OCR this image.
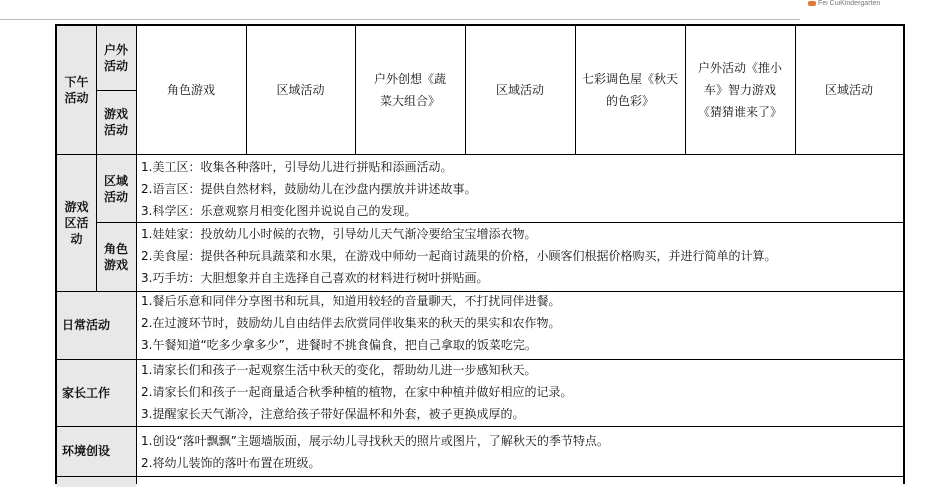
Fei CuiKindergarten
下午活动
户外活动
游戏活动
游戏区活动
区域活动
角色游戏
日常活动
家长工作
环境创设
角色游戏	区域活动
户外创想《蔬菜大组合》
区域活动
七彩调色屋《秋天的色彩》
户外活动《推小车》智力游戏《猜猜谁来了》
区域活动
1.美工区：收集各种落叶，引导幼儿进行拼贴和添画活动。
2.语言区：提供自然材料，鼓励幼儿在沙盘内摆放并讲述故事。
3.科学区：乐意观察月相变化图并说说自己的发现。
1.娃娃家：投放幼儿小时候的衣物，引导幼儿天气渐冷要给宝宝增添衣物。
2.美食屋：提供各种玩具蔬菜和水果，在游戏中师幼一起商讨蔬果的价格，小顾客们根据价格购买，并进行简单的计算。
3.巧手坊：大胆想象并自主选择自己喜欢的材料进行树叶拼贴画。
1.餐后乐意和同伴分享图书和玩具，知道用较轻的音量聊天，不打扰同伴进餐。
2.在过渡环节时，鼓励幼儿自由结伴去欣赏同伴收集来的秋天的果实和农作物。
3.午餐知道“吃多少拿多少”，进餐时不挑食偏食，把自己拿取的饭菜吃完。
1.请家长们和孩子一起观察生活中秋天的变化，帮助幼儿进一步感知秋天。
2.请家长们和孩子一起商量适合秋季种植的植物，在家中种植并做好相应的记录。
3.提醒家长天气渐冷，注意给孩子带好保温杯和外套，被子更换成厚的。
1.创设“落叶飘飘”主题墙版面，展示幼儿寻找秋天的照片或图片，了解秋天的季节特点。
2.将幼儿装饰的落叶布置在班级。
